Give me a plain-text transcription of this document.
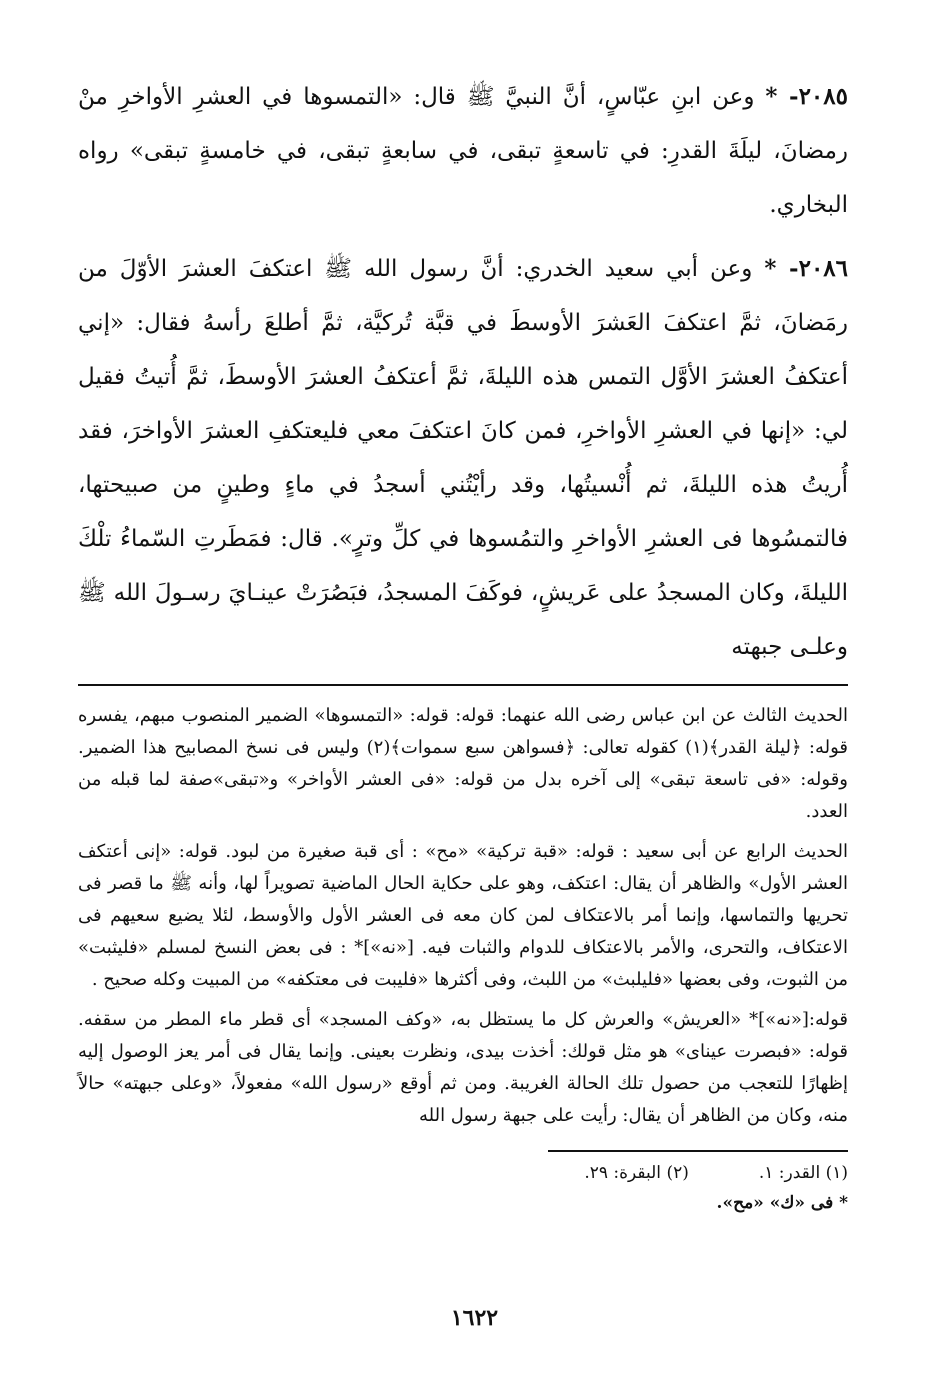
٢٠٨٥- * وعن ابنِ عبّاسٍ، أنَّ النبيَّ ﷺ قال: «التمسوها في العشرِ الأواخرِ منْ رمضانَ، ليلَةَ القدرِ: في تاسعةٍ تبقى، في سابعةٍ تبقى، في خامسةٍ تبقى» رواه البخاري.

٢٠٨٦- * وعن أبي سعيد الخدري: أنَّ رسول الله ﷺ اعتكفَ العشرَ الأوّلَ من رمَضانَ، ثمَّ اعتكفَ العَشرَ الأوسطَ في قبَّة تُركيَّة، ثمَّ أطلعَ رأسهُ فقال: «إني أعتكفُ العشرَ الأوَّل التمس هذه الليلةَ، ثمَّ أعتكفُ العشرَ الأوسطَ، ثمَّ أُتيتُ فقيل لي: «إنها في العشرِ الأواخرِ، فمن كانَ اعتكفَ معي فليعتكفِ العشرَ الأواخرَ، فقد أُريتُ هذه الليلةَ، ثم أُنْسيتُها، وقد رأيْتُني أسجدُ في ماءٍ وطينٍ من صبيحتها، فالتمسُوها فى العشرِ الأواخرِ والتمُسوها في كلِّ وترٍ». قال: فمَطَرتِ السّماءُ تلْكَ الليلةَ، وكان المسجدُ على عَريشٍ، فوكَفَ المسجدُ، فبَصُرَتْ عينـايَ رسـولَ الله ﷺ وعلـى جبهته

الحديث الثالث عن ابن عباس رضى الله عنهما: قوله: قوله: «التمسوها» الضمير المنصوب مبهم، يفسره قوله: ﴿ليلة القدر﴾(١) كقوله تعالى: ﴿فسواهن سبع سموات﴾(٢) وليس فى نسخ المصابيح هذا الضمير. وقوله: «فى تاسعة تبقى» إلى آخره بدل من قوله: «فى العشر الأواخر» و«تبقى»صفة لما قبله من العدد.

الحديث الرابع عن أبى سعيد : قوله: «قبة تركية» «مح» : أى قبة صغيرة من لبود. قوله: «إنى أعتكف العشر الأول» والظاهر أن يقال: اعتكف، وهو على حكاية الحال الماضية تصويراً لها، وأنه ﷺ ما قصر فى تحريها والتماسها، وإنما أمر بالاعتكاف لمن كان معه فى العشر الأول والأوسط، لئلا يضيع سعيهم فى الاعتكاف، والتحرى، والأمر بالاعتكاف للدوام والثبات فيه. [«نه»]* : فى بعض النسخ لمسلم «فليثبت» من الثبوت، وفى بعضها «فليلبث» من اللبث، وفى أكثرها «فليبت فى معتكفه» من المبيت وكله صحيح .

قوله:[«نه»]* «العريش» والعرش كل ما يستظل به، «وكف المسجد» أى قطر ماء المطر من سقفه. قوله: «فبصرت عيناى» هو مثل قولك: أخذت بيدى، ونظرت بعينى. وإنما يقال فى أمر يعز الوصول إليه إظهارًا للتعجب من حصول تلك الحالة الغريبة. ومن ثم أوقع «رسول الله» مفعولاً، «وعلى جبهته» حالاً منه، وكان من الظاهر أن يقال: رأيت على جبهة رسول الله

(١) القدر: ١.
(٢) البقرة: ٢٩.
* فى «ك» «مح».
١٦٢٢
